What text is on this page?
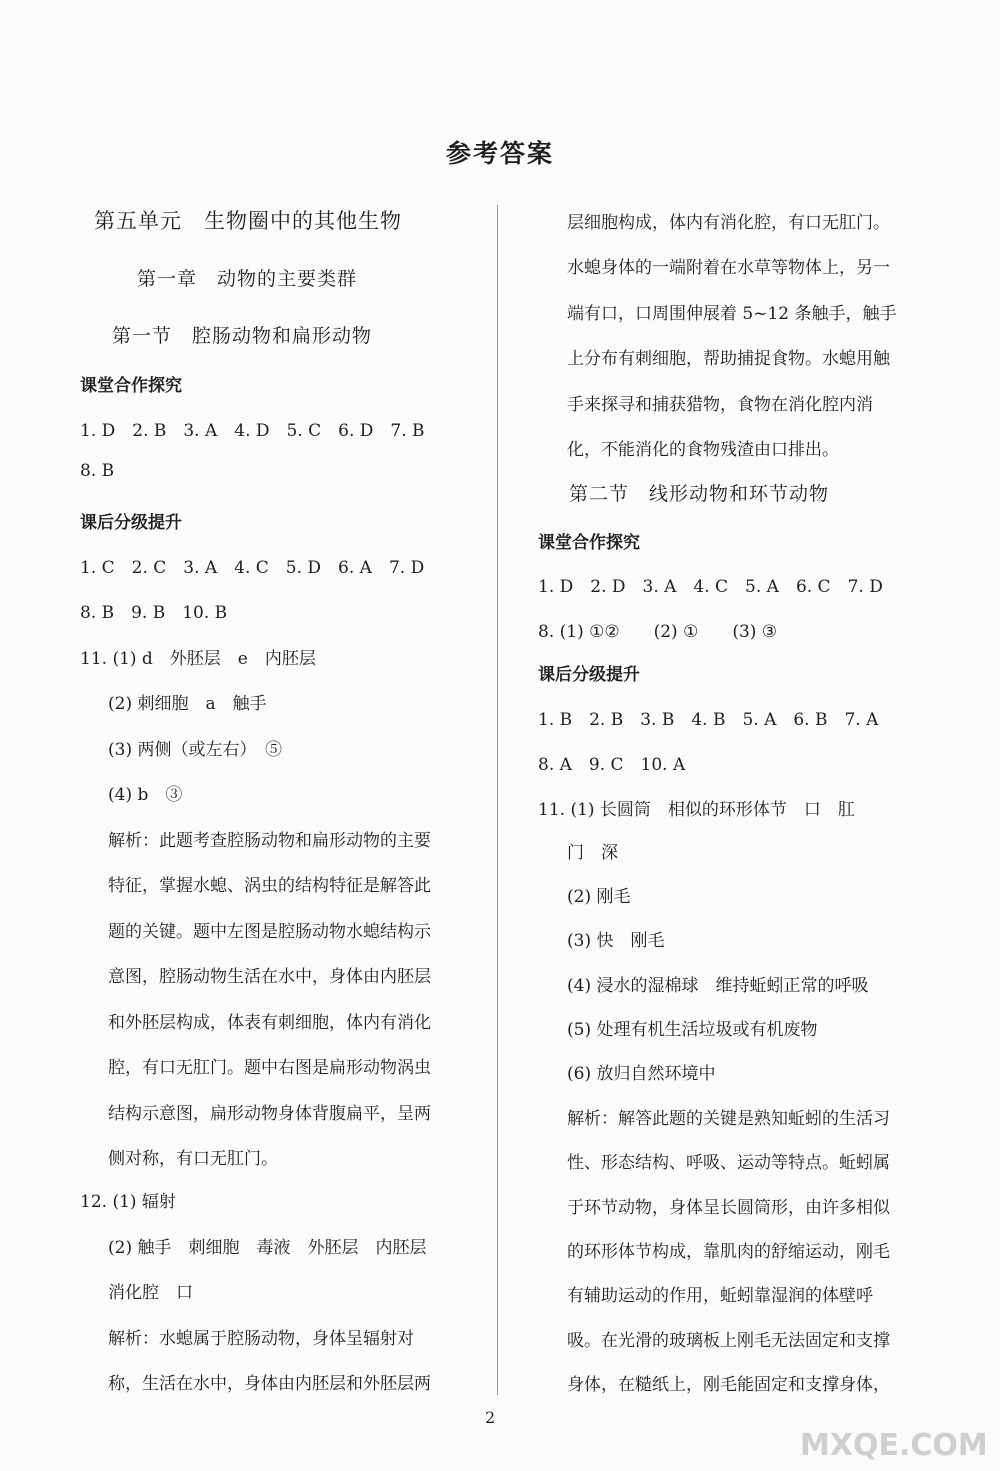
参考答案
第五单元　生物圈中的其他生物
第一章　动物的主要类群
第一节　腔肠动物和扁形动物
课堂合作探究
1. D　2. B　3. A　4. D　5. C　6. D　7. B
8. B
课后分级提升
1. C　2. C　3. A　4. C　5. D　6. A　7. D
8. B　9. B　10. B
11. (1) d　外胚层　e　内胚层
(2) 刺细胞　a　触手
(3) 两侧（或左右）　⑤
(4) b　③
解析：此题考查腔肠动物和扁形动物的主要
特征，掌握水螅、涡虫的结构特征是解答此
题的关键。题中左图是腔肠动物水螅结构示
意图，腔肠动物生活在水中，身体由内胚层
和外胚层构成，体表有刺细胞，体内有消化
腔，有口无肛门。题中右图是扁形动物涡虫
结构示意图，扁形动物身体背腹扁平，呈两
侧对称，有口无肛门。
12. (1) 辐射
(2) 触手　刺细胞　毒液　外胚层　内胚层
消化腔　口
解析：水螅属于腔肠动物，身体呈辐射对
称，生活在水中，身体由内胚层和外胚层两
层细胞构成，体内有消化腔，有口无肛门。
水螅身体的一端附着在水草等物体上，另一
端有口，口周围伸展着 5~12 条触手，触手
上分布有刺细胞，帮助捕捉食物。水螅用触
手来探寻和捕获猎物，食物在消化腔内消
化，不能消化的食物残渣由口排出。
第二节　线形动物和环节动物
课堂合作探究
1. D　2. D　3. A　4. C　5. A　6. C　7. D
8. (1) ①②　　(2) ①　　(3) ③
课后分级提升
1. B　2. B　3. B　4. B　5. A　6. B　7. A
8. A　9. C　10. A
11. (1) 长圆筒　相似的环形体节　口　肛
门　深
(2) 刚毛
(3) 快　刚毛
(4) 浸水的湿棉球　维持蚯蚓正常的呼吸
(5) 处理有机生活垃圾或有机废物
(6) 放归自然环境中
解析：解答此题的关键是熟知蚯蚓的生活习
性、形态结构、呼吸、运动等特点。蚯蚓属
于环节动物，身体呈长圆筒形，由许多相似
的环形体节构成，靠肌肉的舒缩运动，刚毛
有辅助运动的作用，蚯蚓靠湿润的体壁呼
吸。在光滑的玻璃板上刚毛无法固定和支撑
身体，在糙纸上，刚毛能固定和支撑身体，
2
MXQE.COM
